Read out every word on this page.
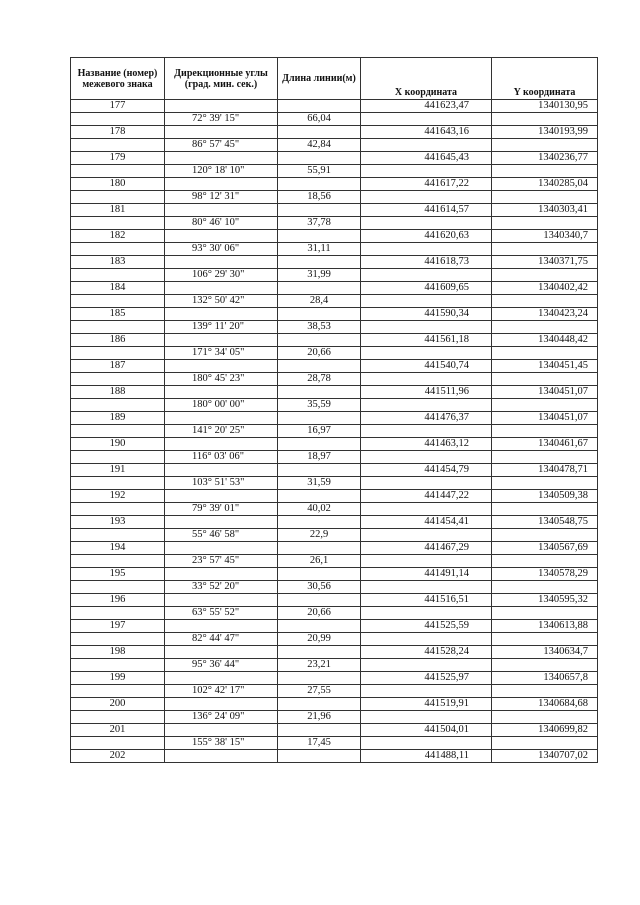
Название (номер) межевого знака	Дирекционные углы (град. мин. сек.)	Длина линии(м)	X координата	Y координата
177			441623,47	1340130,95
	72° 39' 15"	66,04		
178			441643,16	1340193,99
	86° 57' 45"	42,84		
179			441645,43	1340236,77
	120° 18' 10"	55,91		
180			441617,22	1340285,04
	98° 12' 31"	18,56		
181			441614,57	1340303,41
	80° 46' 10"	37,78		
182			441620,63	1340340,7
	93° 30' 06"	31,11		
183			441618,73	1340371,75
	106° 29' 30"	31,99		
184			441609,65	1340402,42
	132° 50' 42"	28,4		
185			441590,34	1340423,24
	139° 11' 20"	38,53		
186			441561,18	1340448,42
	171° 34' 05"	20,66		
187			441540,74	1340451,45
	180° 45' 23"	28,78		
188			441511,96	1340451,07
	180° 00' 00"	35,59		
189			441476,37	1340451,07
	141° 20' 25"	16,97		
190			441463,12	1340461,67
	116° 03' 06"	18,97		
191			441454,79	1340478,71
	103° 51' 53"	31,59		
192			441447,22	1340509,38
	79° 39' 01"	40,02		
193			441454,41	1340548,75
	55° 46' 58"	22,9		
194			441467,29	1340567,69
	23° 57' 45"	26,1		
195			441491,14	1340578,29
	33° 52' 20"	30,56		
196			441516,51	1340595,32
	63° 55' 52"	20,66		
197			441525,59	1340613,88
	82° 44' 47"	20,99		
198			441528,24	1340634,7
	95° 36' 44"	23,21		
199			441525,97	1340657,8
	102° 42' 17"	27,55		
200			441519,91	1340684,68
	136° 24' 09"	21,96		
201			441504,01	1340699,82
	155° 38' 15"	17,45		
202			441488,11	1340707,02
